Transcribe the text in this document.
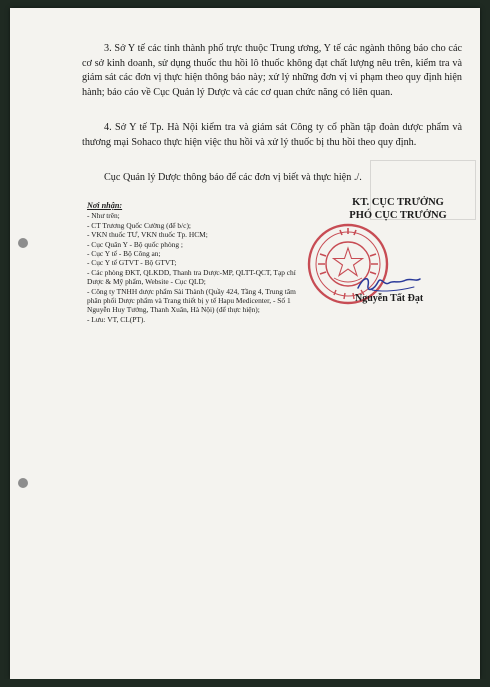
3. Sở Y tế các tỉnh thành phố trực thuộc Trung ương, Y tế các ngành thông báo cho các cơ sở kinh doanh, sử dụng thuốc thu hồi lô thuốc không đạt chất lượng nêu trên, kiểm tra và giám sát các đơn vị thực hiện thông báo này; xử lý những đơn vị vi phạm theo quy định hiện hành; báo cáo về Cục Quản lý Dược và các cơ quan chức năng có liên quan.
4. Sở Y tế Tp. Hà Nội kiểm tra và giám sát Công ty cổ phần tập đoàn dược phẩm và thương mại Sohaco thực hiện việc thu hồi và xử lý thuốc bị thu hồi theo quy định.
Cục Quản lý Dược thông báo để các đơn vị biết và thực hiện ./.
Nơi nhận:
- Như trên;
- CT Trương Quốc Cường (để b/c);
- VKN thuốc TƯ, VKN thuốc Tp. HCM;
- Cục Quân Y - Bộ quốc phòng ;
- Cục Y tế - Bộ Công an;
- Cục Y tế GTVT - Bộ GTVT;
- Các phòng ĐKT, QLKDD, Thanh tra Dược-MP, QLTT-QCT, Tạp chí Dược & Mỹ phẩm, Website - Cục QLD;
- Công ty TNHH dược phẩm Sài Thành (Quầy 424, Tầng 4, Trung tâm phân phối Dược phẩm và Trang thiết bị y tế Hapu Medicenter, - Số 1 Nguyễn Huy Tưởng, Thanh Xuân, Hà Nội) (để thực hiện);
- Lưu: VT, CL(PT).
KT. CỤC TRƯỞNG
PHÓ CỤC TRƯỞNG
Nguyễn Tất Đạt
